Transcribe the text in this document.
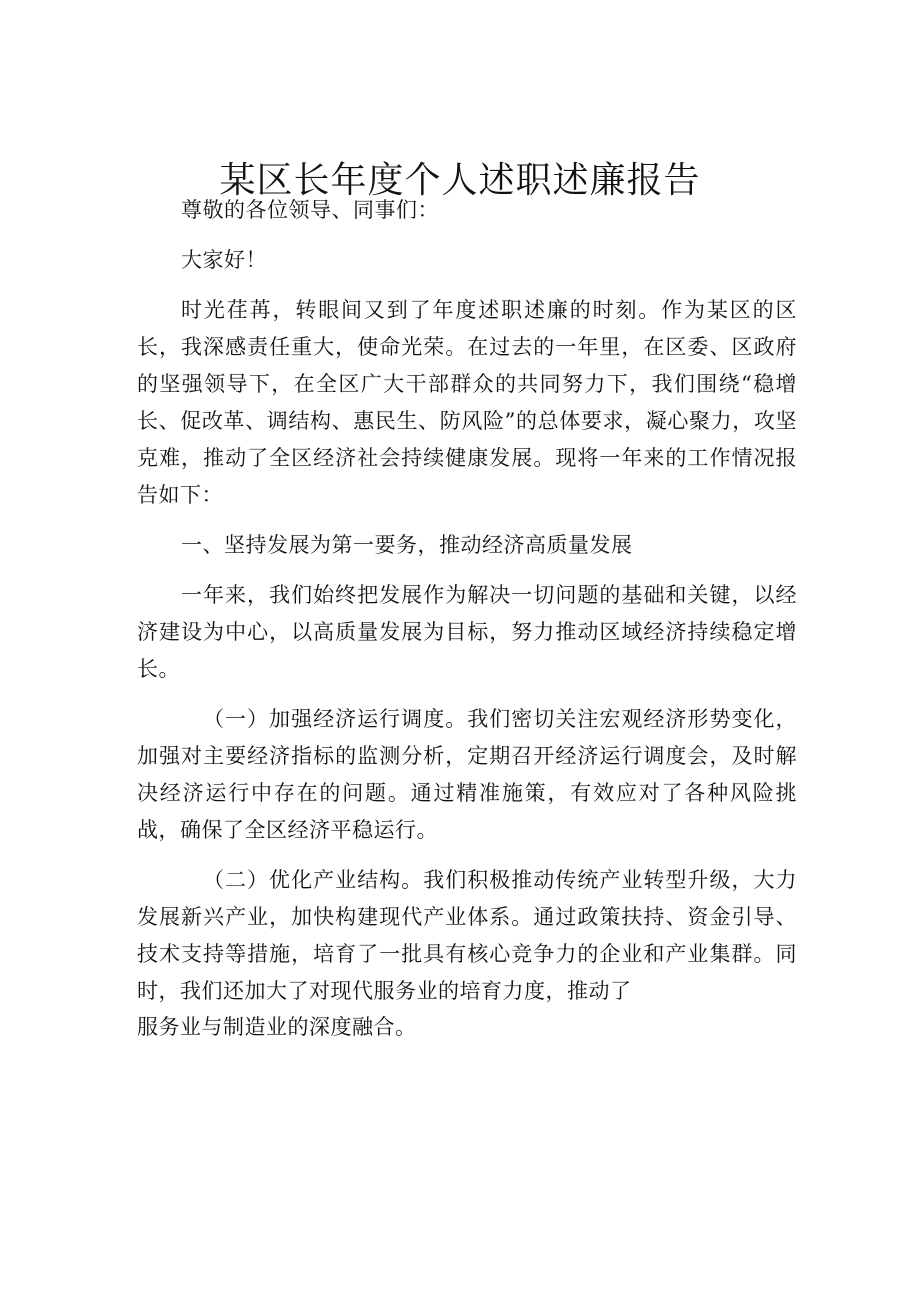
某区长年度个人述职述廉报告

尊敬的各位领导、同事们：

大家好！

时光荏苒，转眼间又到了年度述职述廉的时刻。作为某区的区长，我深感责任重大，使命光荣。在过去的一年里，在区委、区政府的坚强领导下，在全区广大干部群众的共同努力下，我们围绕“稳增长、促改革、调结构、惠民生、防风险”的总体要求，凝心聚力，攻坚克难，推动了全区经济社会持续健康发展。现将一年来的工作情况报告如下：

一、坚持发展为第一要务，推动经济高质量发展

一年来，我们始终把发展作为解决一切问题的基础和关键，以经济建设为中心，以高质量发展为目标，努力推动区域经济持续稳定增长。

（一）加强经济运行调度。我们密切关注宏观经济形势变化，加强对主要经济指标的监测分析，定期召开经济运行调度会，及时解决经济运行中存在的问题。通过精准施策，有效应对了各种风险挑战，确保了全区经济平稳运行。

（二）优化产业结构。我们积极推动传统产业转型升级，大力发展新兴产业，加快构建现代产业体系。通过政策扶持、资金引导、技术支持等措施，培育了一批具有核心竞争力的企业和产业集群。同时，我们还加大了对现代服务业的培育力度，推动了

服务业与制造业的深度融合。
